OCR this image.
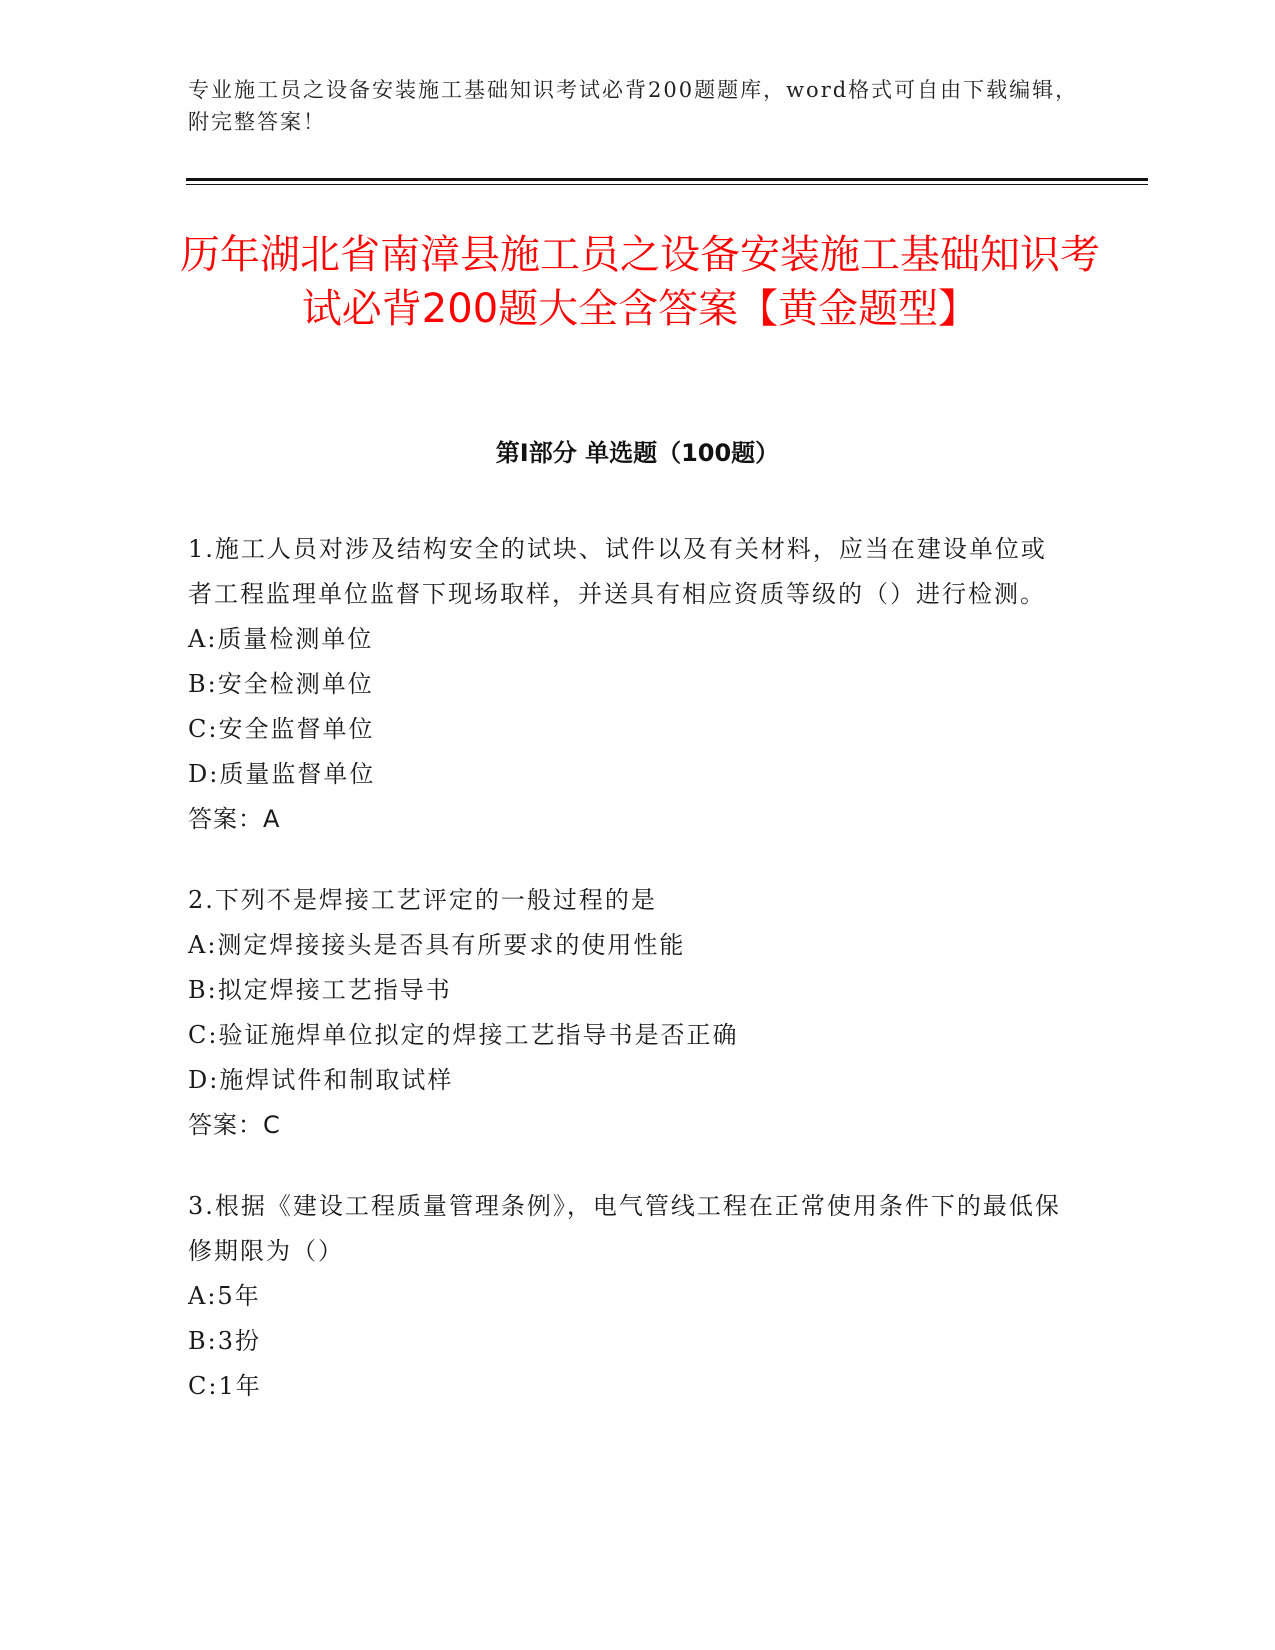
专业施工员之设备安装施工基础知识考试必背200题题库，word格式可自由下载编辑，附完整答案！
历年湖北省南漳县施工员之设备安装施工基础知识考试必背200题大全含答案【黄金题型】
第I部分 单选题（100题）
1.施工人员对涉及结构安全的试块、试件以及有关材料，应当在建设单位或者工程监理单位监督下现场取样，并送具有相应资质等级的（）进行检测。
A:质量检测单位
B:安全检测单位
C:安全监督单位
D:质量监督单位
答案：A
2.下列不是焊接工艺评定的一般过程的是
A:测定焊接接头是否具有所要求的使用性能
B:拟定焊接工艺指导书
C:验证施焊单位拟定的焊接工艺指导书是否正确
D:施焊试件和制取试样
答案：C
3.根据《建设工程质量管理条例》，电气管线工程在正常使用条件下的最低保修期限为（）
A:5年
B:3扮
C:1年
